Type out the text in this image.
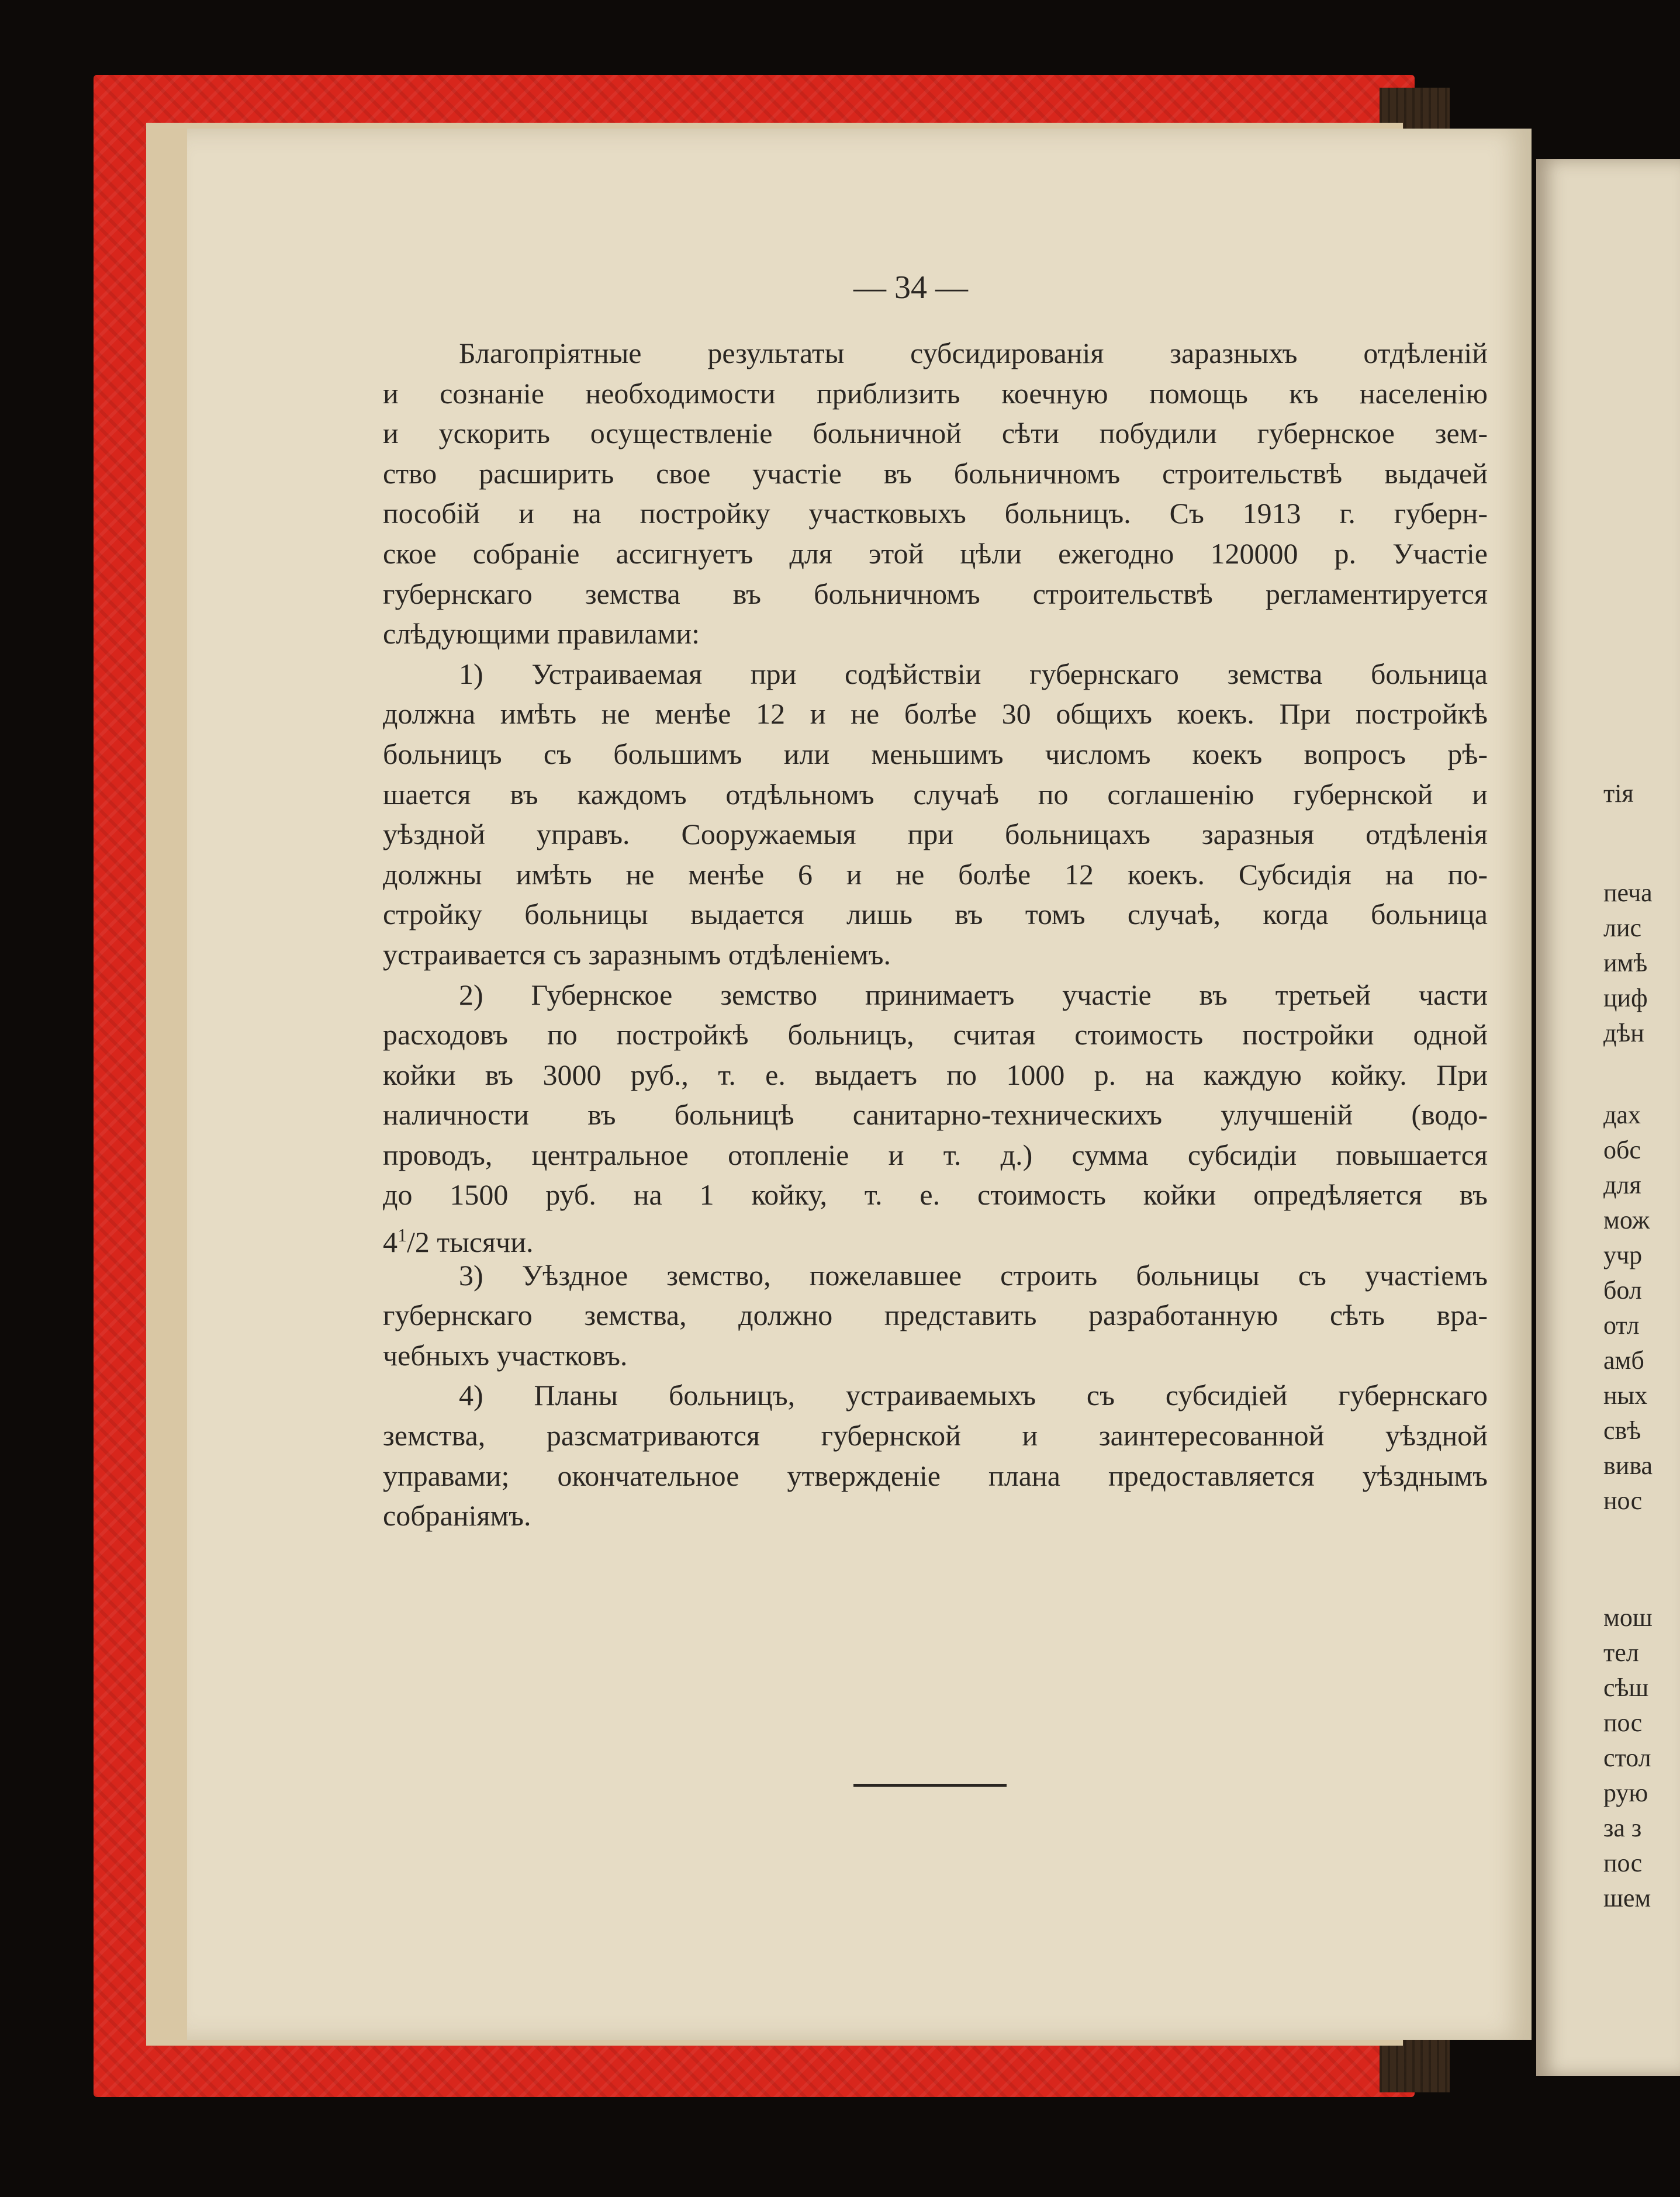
тія
печа
лис
имѣ
циф
дѣн
дах
обс
для
мож
учр
бол
отл
амб
ных
свѣ
вива
нос
мош
тел
сѣш
пос
стол
рую
за з
пос
шем
— 34 —
Благопріятные результаты субсидированія заразныхъ отдѣленій
и сознаніе необходимости приблизить коечную помощь къ населенію
и ускорить осуществленіе больничной сѣти побудили губернское зем-
ство расширить свое участіе въ больничномъ строительствѣ выдачей
пособій и на постройку участковыхъ больницъ. Съ 1913 г. губерн-
ское собраніе ассигнуетъ для этой цѣли ежегодно 120000 р. Участіе
губернскаго земства въ больничномъ строительствѣ регламентируется
слѣдующими правилами:
1) Устраиваемая при содѣйствіи губернскаго земства больница
должна имѣть не менѣе 12 и не болѣе 30 общихъ коекъ. При постройкѣ
больницъ съ большимъ или меньшимъ числомъ коекъ вопросъ рѣ-
шается въ каждомъ отдѣльномъ случаѣ по соглашенію губернской и
уѣздной управъ. Сооружаемыя при больницахъ заразныя отдѣленія
должны имѣть не менѣе 6 и не болѣе 12 коекъ. Субсидія на по-
стройку больницы выдается лишь въ томъ случаѣ, когда больница
устраивается съ заразнымъ отдѣленіемъ.
2) Губернское земство принимаетъ участіе въ третьей части
расходовъ по постройкѣ больницъ, считая стоимость постройки одной
койки въ 3000 руб., т. е. выдаетъ по 1000 р. на каждую койку. При
наличности въ больницѣ санитарно-техническихъ улучшеній (водо-
проводъ, центральное отопленіе и т. д.) сумма субсидіи повышается
до 1500 руб. на 1 койку, т. е. стоимость койки опредѣляется въ
$4^1/2$ тысячи.
3) Уѣздное земство, пожелавшее строить больницы съ участіемъ
губернскаго земства, должно представить разработанную сѣть вра-
чебныхъ участковъ.
4) Планы больницъ, устраиваемыхъ съ субсидіей губернскаго
земства, разсматриваются губернской и заинтересованной уѣздной
управами; окончательное утвержденіе плана предоставляется уѣзднымъ
собраніямъ.
